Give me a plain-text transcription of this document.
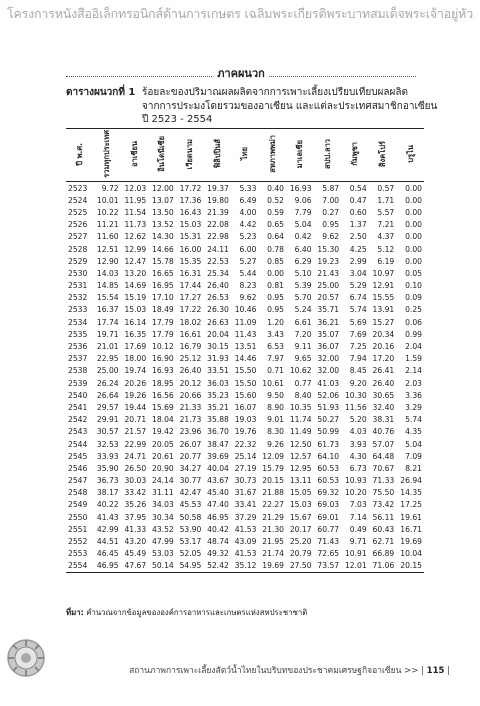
โครงการหนังสืออิเล็กทรอนิกส์ด้านการเกษตร เฉลิมพระเกียรติพระบาทสมเด็จพระเจ้าอยู่หัว
ภาคผนวก
ตารางผนวกที่ 1 ร้อยละของปริมาณผลผลิตจากการเพาะเลี้ยงเปรียบเทียบผลผลิต
จากการประมงโดยรวมของอาเซียน และแต่ละประเทศสมาชิกอาเซียน
ปี 2523 - 2554
ปี พ.ศ.	รวมทุกประเทศ	อาเซียน	อินโดนีเซีย	เวียดนาม	ฟิลิปปินส์	ไทย	สหภาพพม่า	มาเลเซีย	สปป.ลาว	กัมพูชา	สิงคโปร์	บรูไน
2523	9.72	12.03	12.00	17.72	19.37	5.33	0.40	16.93	5.87	0.54	0.57	0.00
2524	10.01	11.95	13.07	17.36	19.80	6.49	0.52	9.06	7.00	0.47	1.71	0.00
2525	10.22	11.54	13.50	16.43	21.39	4.00	0.59	7.79	0.27	0.60	5.57	0.00
2526	11.21	11.73	13.52	15.03	22.08	4.42	0.65	5.04	0.95	1.37	7.21	0.00
2527	11.60	12.62	14.30	15.31	22.98	5.23	0.64	0.42	9.62	2.50	4.37	0.00
2528	12.51	12.99	14.66	16.00	24.11	6.00	0.78	6.40	15.30	4.25	5.12	0.00
2529	12.90	12.47	15.78	15.35	22.53	5.27	0.85	6.29	19.23	2.99	6.19	0.00
2530	14.03	13.20	16.65	16.31	25.34	5.44	0.00	5.10	21.43	3.04	10.97	0.05
2531	14.85	14.69	16.95	17.44	26.40	8.23	0.81	5.39	25.00	5.29	12.91	0.10
2532	15.54	15.19	17.10	17.27	26.53	9.62	0.95	5.70	20.57	6.74	15.55	0.09
2533	16.37	15.03	18.49	17.22	26.30	10.46	0.95	5.24	35.71	5.74	13.91	0.25
2534	17.74	16.14	17.79	18.02	26.63	11.09	1.20	6.61	36.21	5.69	15.27	0.06
2535	19.71	16.35	17.79	16.61	20.04	11.43	3.43	7.20	35.07	7.69	20.34	0.99
2536	21.01	17.69	10.12	16.79	30.15	13.51	6.53	9.11	36.07	7.25	20.16	2.04
2537	22.95	18.00	16.90	25.12	31.93	14.46	7.97	9.65	32.00	7.94	17.20	1.59
2538	25.00	19.74	16.93	26.40	33.51	15.50	0.71	10.62	32.00	8.45	26.41	2.14
2539	26.24	20.26	18.95	20.12	36.03	15.50	10.61	0.77	41.03	9.20	26.40	2.03
2540	26.64	19.26	16.56	20.66	35.23	15.60	9.50	8.40	52.06	10.30	30.65	3.36
2541	29.57	19.44	15.69	21.33	35.21	16.07	8.90	10.35	51.93	11.56	32.40	3.29
2542	29.91	20.71	18.04	21.73	35.88	19.03	9.01	11.74	50.27	5.20	38.31	5.74
2543	30.57	21.57	19.42	23.96	36.70	19.76	8.30	11.49	50.99	4.03	40.76	4.35
2544	32.53	22.99	20.05	26.07	38.47	22.32	9.26	12.50	61.73	3.93	57.07	5.04
2545	33.93	24.71	20.61	20.77	39.69	25.14	12.09	12.57	64.10	4.30	64.48	7.09
2546	35.90	26.50	20.90	34.27	40.04	27.19	15.79	12.95	60.53	6.73	70.67	8.21
2547	36.73	30.03	24.14	30.77	43.67	30.73	20.15	13.11	60.53	10.93	71.33	26.94
2548	38.17	33.42	31.11	42.47	45.40	31.67	21.88	15.05	69.32	10.20	75.50	14.35
2549	40.22	35.26	34.03	45.53	47.40	33.41	22.27	15.03	69.03	7.03	73.42	17.25
2550	41.43	37.95	30.34	50.58	46.95	37.29	21.29	15.67	69.01	7.14	56.11	19.61
2551	42.99	41.33	43.52	53.90	40.42	41.53	21.30	20.17	60.77	0.49	60.43	16.71
2552	44.51	43.20	47.99	53.17	48.74	43.09	21.95	25.20	71.43	9.71	62.71	19.69
2553	46.45	45.49	53.03	52.05	49.32	41.53	21.74	20.79	72.65	10.91	66.89	10.04
2554	46.95	47.67	50.14	54.95	52.42	35.12	19.69	27.50	73.57	12.01	71.06	20.15
ที่มา: คำนวณจากข้อมูลขององค์การอาหารและเกษตรแห่งสหประชาชาติ
สถานภาพการเพาะเลี้ยงสัตว์น้ำไทยในบริบทของประชาคมเศรษฐกิจอาเซียน >> | 115 |
